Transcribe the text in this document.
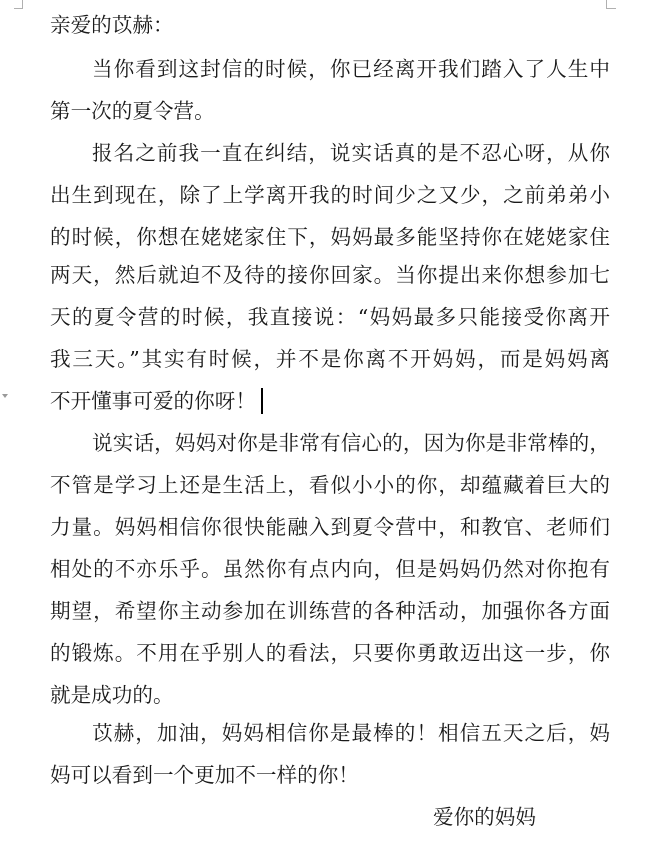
亲爱的苡赫：
当你看到这封信的时候，你已经离开我们踏入了人生中
第一次的夏令营。
报名之前我一直在纠结，说实话真的是不忍心呀，从你
出生到现在，除了上学离开我的时间少之又少，之前弟弟小
的时候，你想在姥姥家住下，妈妈最多能坚持你在姥姥家住
两天，然后就迫不及待的接你回家。当你提出来你想参加七
天的夏令营的时候，我直接说：“妈妈最多只能接受你离开
我三天。”其实有时候，并不是你离不开妈妈，而是妈妈离
不开懂事可爱的你呀！
说实话，妈妈对你是非常有信心的，因为你是非常棒的，
不管是学习上还是生活上，看似小小的你，却蕴藏着巨大的
力量。妈妈相信你很快能融入到夏令营中，和教官、老师们
相处的不亦乐乎。虽然你有点内向，但是妈妈仍然对你抱有
期望，希望你主动参加在训练营的各种活动，加强你各方面
的锻炼。不用在乎别人的看法，只要你勇敢迈出这一步，你
就是成功的。
苡赫，加油，妈妈相信你是最棒的！相信五天之后，妈
妈可以看到一个更加不一样的你！
爱你的妈妈
